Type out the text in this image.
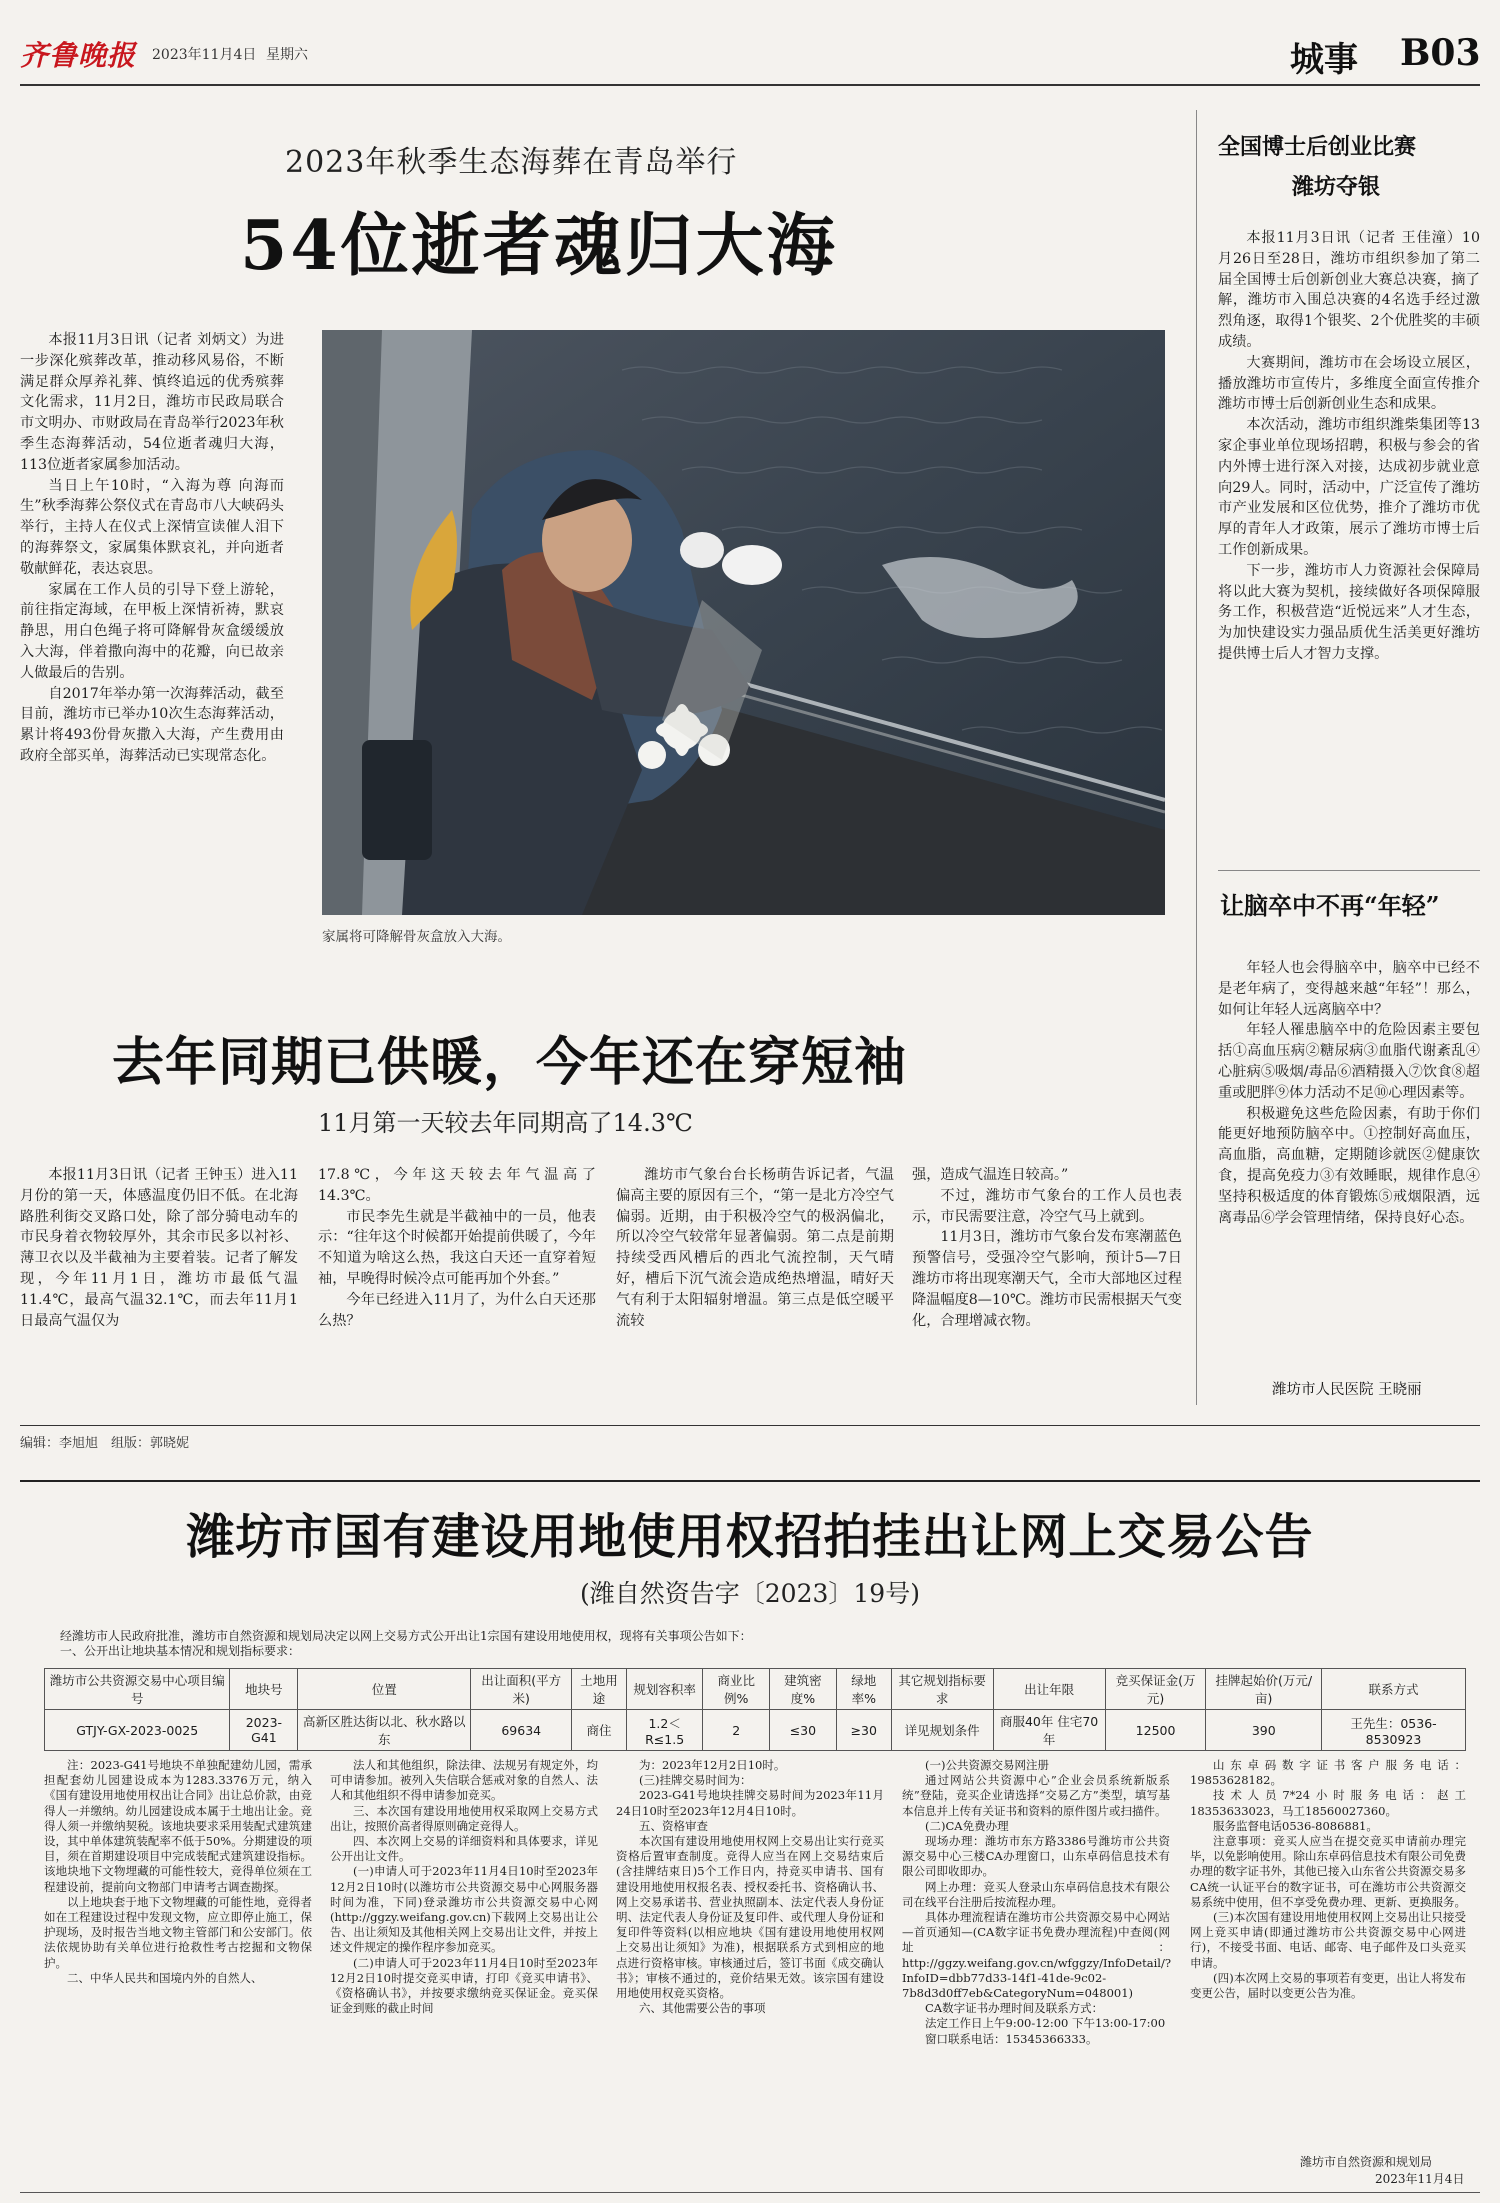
齐鲁晚报 2023年11月4日 星期六	城事 B03
2023年秋季生态海葬在青岛举行
54位逝者魂归大海

本报11月3日讯（记者 刘炳文）为进一步深化殡葬改革，推动移风易俗，不断满足群众厚养礼葬、慎终追远的优秀殡葬文化需求，11月2日，潍坊市民政局联合市文明办、市财政局在青岛举行2023年秋季生态海葬活动，54位逝者魂归大海，113位逝者家属参加活动。

当日上午10时，“入海为尊 向海而生”秋季海葬公祭仪式在青岛市八大峡码头举行，主持人在仪式上深情宣读催人泪下的海葬祭文，家属集体默哀礼，并向逝者敬献鲜花，表达哀思。

家属在工作人员的引导下登上游轮，前往指定海域，在甲板上深情祈祷，默哀静思，用白色绳子将可降解骨灰盒缓缓放入大海，伴着撒向海中的花瓣，向已故亲人做最后的告别。

自2017年举办第一次海葬活动，截至目前，潍坊市已举办10次生态海葬活动，累计将493份骨灰撒入大海，产生费用由政府全部买单，海葬活动已实现常态化。

家属将可降解骨灰盒放入大海。
全国博士后创业比赛
潍坊夺银

本报11月3日讯（记者 王佳潼）10月26日至28日，潍坊市组织参加了第二届全国博士后创新创业大赛总决赛，摘了解，潍坊市入围总决赛的4名选手经过激烈角逐，取得1个银奖、2个优胜奖的丰硕成绩。

大赛期间，潍坊市在会场设立展区，播放潍坊市宣传片，多维度全面宣传推介潍坊市博士后创新创业生态和成果。

本次活动，潍坊市组织潍柴集团等13家企事业单位现场招聘，积极与参会的省内外博士进行深入对接，达成初步就业意向29人。同时，活动中，广泛宣传了潍坊市产业发展和区位优势，推介了潍坊市优厚的青年人才政策，展示了潍坊市博士后工作创新成果。

下一步，潍坊市人力资源社会保障局将以此大赛为契机，接续做好各项保障服务工作，积极营造“近悦远来”人才生态，为加快建设实力强品质优生活美更好潍坊提供博士后人才智力支撑。

让脑卒中不再“年轻”

年轻人也会得脑卒中，脑卒中已经不是老年病了，变得越来越“年轻”！那么，如何让年轻人远离脑卒中？

年轻人罹患脑卒中的危险因素主要包括①高血压病②糖尿病③血脂代谢紊乱④心脏病⑤吸烟/毒品⑥酒精摄入⑦饮食⑧超重或肥胖⑨体力活动不足⑩心理因素等。

积极避免这些危险因素，有助于你们能更好地预防脑卒中。①控制好高血压，高血脂，高血糖，定期随诊就医②健康饮食，提高免疫力③有效睡眠，规律作息④坚持积极适度的体育锻炼⑤戒烟限酒，远离毒品⑥学会管理情绪，保持良好心态。

潍坊市人民医院 王晓丽
去年同期已供暖，今年还在穿短袖
11月第一天较去年同期高了14.3℃

本报11月3日讯（记者 王钟玉）进入11月份的第一天，体感温度仍旧不低。在北海路胜利街交叉路口处，除了部分骑电动车的市民身着衣物较厚外，其余市民多以衬衫、薄卫衣以及半截袖为主要着装。记者了解发现，今年11月1日，潍坊市最低气温11.4℃，最高气温32.1℃，而去年11月1日最高气温仅为

17.8℃，今年这天较去年气温高了14.3℃。

市民李先生就是半截袖中的一员，他表示：“往年这个时候都开始提前供暖了，今年不知道为啥这么热，我这白天还一直穿着短袖，早晚得时候冷点可能再加个外套。”

今年已经进入11月了，为什么白天还那么热？

潍坊市气象台台长杨萌告诉记者，气温偏高主要的原因有三个，“第一是北方冷空气偏弱。近期，由于积极冷空气的极涡偏北，所以冷空气较常年显著偏弱。第二点是前期持续受西风槽后的西北气流控制，天气晴好，槽后下沉气流会造成绝热增温，晴好天气有利于太阳辐射增温。第三点是低空暖平流较

强，造成气温连日较高。”

不过，潍坊市气象台的工作人员也表示，市民需要注意，冷空气马上就到。

11月3日，潍坊市气象台发布寒潮蓝色预警信号，受强冷空气影响，预计5—7日潍坊市将出现寒潮天气，全市大部地区过程降温幅度8—10℃。潍坊市民需根据天气变化，合理增减衣物。

编辑：李旭旭　组版：郭晓妮
潍坊市国有建设用地使用权招拍挂出让网上交易公告
(潍自然资告字〔2023〕19号)
经潍坊市人民政府批准，潍坊市自然资源和规划局决定以网上交易方式公开出让1宗国有建设用地使用权，现将有关事项公告如下：
一、公开出让地块基本情况和规划指标要求：
潍坊市公共资源交易中心项目编号	地块号	位置	出让面积(平方米)	土地用途	规划容积率	商业比例%	建筑密度%	绿地率%	其它规划指标要求	出让年限	竞买保证金(万元)	挂牌起始价(万元/亩)	联系方式
GTJY-GX-2023-0025	2023-G41	高新区胜达街以北、秋水路以东	69634	商住	1.2＜R≤1.5	2	≤30	≥30	详见规划条件	商服40年 住宅70年	12500	390	王先生：0536-8530923

注：2023-G41号地块不单独配建幼儿园，需承担配套幼儿园建设成本为1283.3376万元，纳入《国有建设用地使用权出让合同》出让总价款，由竞得人一并缴纳。幼儿园建设成本属于土地出让金。竞得人须一并缴纳契税。该地块要求采用装配式建筑建设，其中单体建筑装配率不低于50%。分期建设的项目，须在首期建设项目中完成装配式建筑建设指标。该地块地下文物埋藏的可能性较大，竞得单位须在工程建设前，提前向文物部门申请考古调查勘探。

以上地块套于地下文物埋藏的可能性地，竞得者如在工程建设过程中发现文物，应立即停止施工，保护现场，及时报告当地文物主管部门和公安部门。依法依规协助有关单位进行抢救性考古挖掘和文物保护。

二、中华人民共和国境内外的自然人、

法人和其他组织，除法律、法规另有规定外，均可申请参加。被列入失信联合惩戒对象的自然人、法人和其他组织不得申请参加竞买。

三、本次国有建设用地使用权采取网上交易方式出让，按照价高者得原则确定竞得人。

四、本次网上交易的详细资料和具体要求，详见公开出让文件。

(一)申请人可于2023年11月4日10时至2023年12月2日10时(以潍坊市公共资源交易中心网服务器时间为准，下同)登录潍坊市公共资源交易中心网(http://ggzy.weifang.gov.cn)下载网上交易出让公告、出让须知及其他相关网上交易出让文件，并按上述文件规定的操作程序参加竞买。

(二)申请人可于2023年11月4日10时至2023年12月2日10时提交竞买申请，打印《竞买申请书》、《资格确认书》，并按要求缴纳竞买保证金。竞买保证金到账的截止时间

为：2023年12月2日10时。

(三)挂牌交易时间为：

2023-G41号地块挂牌交易时间为2023年11月24日10时至2023年12月4日10时。

五、资格审查

本次国有建设用地使用权网上交易出让实行竞买资格后置审查制度。竞得人应当在网上交易结束后(含挂牌结束日)5个工作日内，持竞买申请书、国有建设用地使用权报名表、授权委托书、资格确认书、网上交易承诺书、营业执照副本、法定代表人身份证明、法定代表人身份证及复印件、或代理人身份证和复印件等资料(以相应地块《国有建设用地使用权网上交易出让须知》为准)，根据联系方式到相应的地点进行资格审核。审核通过后，签订书面《成交确认书》；审核不通过的，竞价结果无效。该宗国有建设用地使用权竞买资格。

六、其他需要公告的事项

(一)公共资源交易网注册

通过网站公共资源中心”企业会员系统新版系统”登陆，竞买企业请选择“交易乙方”类型，填写基本信息并上传有关证书和资料的原件图片或扫描件。

(二)CA免费办理

现场办理：潍坊市东方路3386号潍坊市公共资源交易中心三楼CA办理窗口，山东卓码信息技术有限公司即收即办。

网上办理：竞买人登录山东卓码信息技术有限公司在线平台注册后按流程办理。

具体办理流程请在潍坊市公共资源交易中心网站—首页通知—(CA数字证书免费办理流程)中查阅(网址：http://ggzy.weifang.gov.cn/wfggzy/InfoDetail/?InfoID=dbb77d33-14f1-41de-9c02-7b8d3d0ff7eb&CategoryNum=048001)

CA数字证书办理时间及联系方式：

法定工作日上午9:00-12:00 下午13:00-17:00

窗口联系电话：15345366333。

山东卓码数字证书客户服务电话：19853628182。

技术人员7*24小时服务电话：赵工18353633023，马工18560027360。

服务监督电话0536-8086881。

注意事项：竞买人应当在提交竞买申请前办理完毕，以免影响使用。除山东卓码信息技术有限公司免费办理的数字证书外，其他已接入山东省公共资源交易多CA统一认证平台的数字证书，可在潍坊市公共资源交易系统中使用，但不享受免费办理、更新、更换服务。

(三)本次国有建设用地使用权网上交易出让只接受网上竞买申请(即通过潍坊市公共资源交易中心网进行)，不接受书面、电话、邮寄、电子邮件及口头竞买申请。

(四)本次网上交易的事项若有变更，出让人将发布变更公告，届时以变更公告为准。

潍坊市自然资源和规划局
2023年11月4日
